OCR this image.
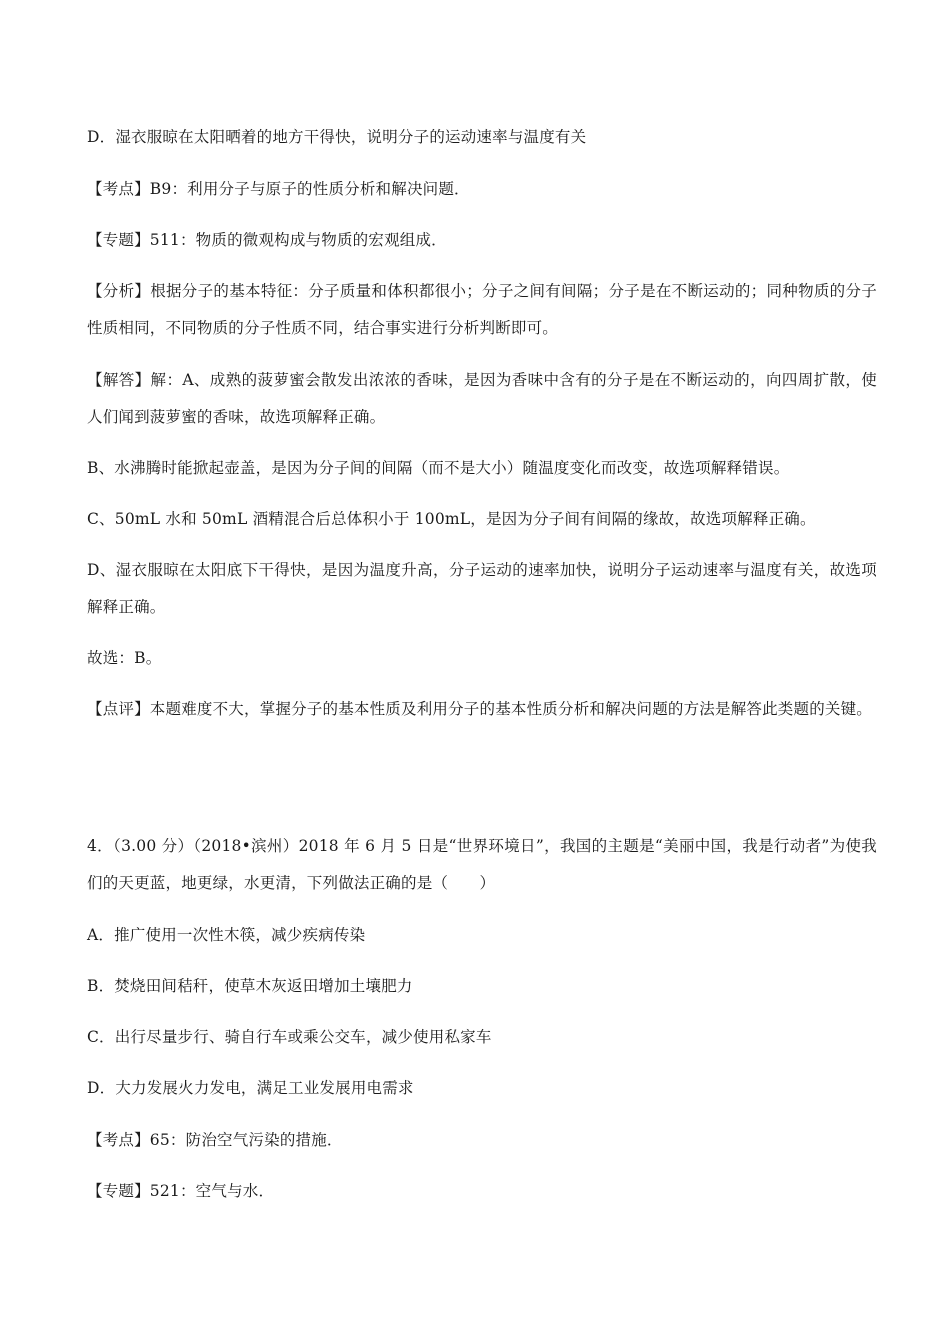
D．湿衣服晾在太阳晒着的地方干得快，说明分子的运动速率与温度有关
【考点】B9：利用分子与原子的性质分析和解决问题．
【专题】511：物质的微观构成与物质的宏观组成．
【分析】根据分子的基本特征：分子质量和体积都很小；分子之间有间隔；分子是在不断运动的；同种物质的分子性质相同，不同物质的分子性质不同，结合事实进行分析判断即可。
【解答】解：A、成熟的菠萝蜜会散发出浓浓的香味，是因为香味中含有的分子是在不断运动的，向四周扩散，使人们闻到菠萝蜜的香味，故选项解释正确。
B、水沸腾时能掀起壶盖，是因为分子间的间隔（而不是大小）随温度变化而改变，故选项解释错误。
C、50mL 水和 50mL 酒精混合后总体积小于 100mL，是因为分子间有间隔的缘故，故选项解释正确。
D、湿衣服晾在太阳底下干得快，是因为温度升高，分子运动的速率加快，说明分子运动速率与温度有关，故选项解释正确。
故选：B。
【点评】本题难度不大，掌握分子的基本性质及利用分子的基本性质分析和解决问题的方法是解答此类题的关键。
4．（3.00 分）（2018•滨州）2018 年 6 月 5 日是“世界环境日”，我国的主题是“美丽中国，我是行动者”为使我们的天更蓝，地更绿，水更清，下列做法正确的是（　　）
A．推广使用一次性木筷，减少疾病传染
B．焚烧田间秸秆，使草木灰返田增加土壤肥力
C．出行尽量步行、骑自行车或乘公交车，减少使用私家车
D．大力发展火力发电，满足工业发展用电需求
【考点】65：防治空气污染的措施．
【专题】521：空气与水．
